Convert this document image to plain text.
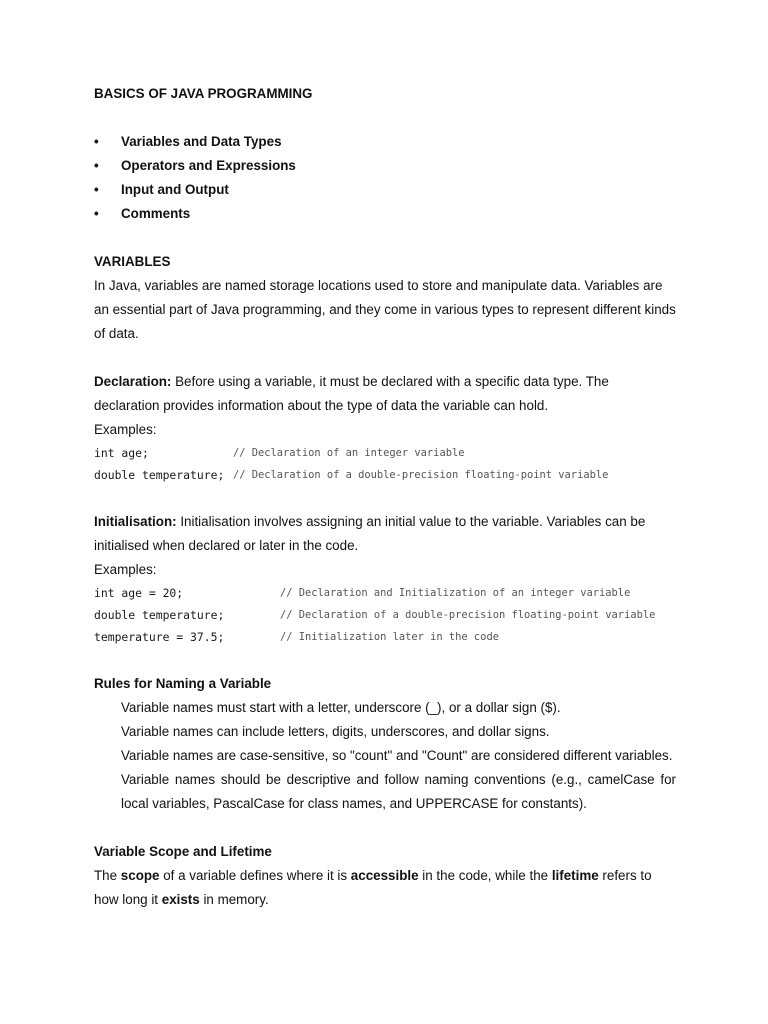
BASICS OF JAVA PROGRAMMING

•	Variables and Data Types
•	Operators and Expressions
•	Input and Output
•	Comments
VARIABLES

In Java, variables are named storage locations used to store and manipulate data. Variables are an essential part of Java programming, and they come in various types to represent different kinds of data.

Declaration: Before using a variable, it must be declared with a specific data type. The declaration provides information about the type of data the variable can hold.

Examples:

int age;	// Declaration of an integer variable
double temperature; // Declaration of a double-precision floating-point variable

Initialisation: Initialisation involves assigning an initial value to the variable. Variables can be initialised when declared or later in the code.

Examples:

int age = 20;	// Declaration and Initialization of an integer variable
double temperature;	// Declaration of a double-precision floating-point variable
temperature = 37.5;	// Initialization later in the code
Rules for Naming a Variable
Variable names must start with a letter, underscore (_), or a dollar sign ($).
Variable names can include letters, digits, underscores, and dollar signs.
Variable names are case-sensitive, so "count" and "Count" are considered different variables.
Variable names should be descriptive and follow naming conventions (e.g., camelCase for local variables, PascalCase for class names, and UPPERCASE for constants).
Variable Scope and Lifetime

The scope of a variable defines where it is accessible in the code, while the lifetime refers to how long it exists in memory.
